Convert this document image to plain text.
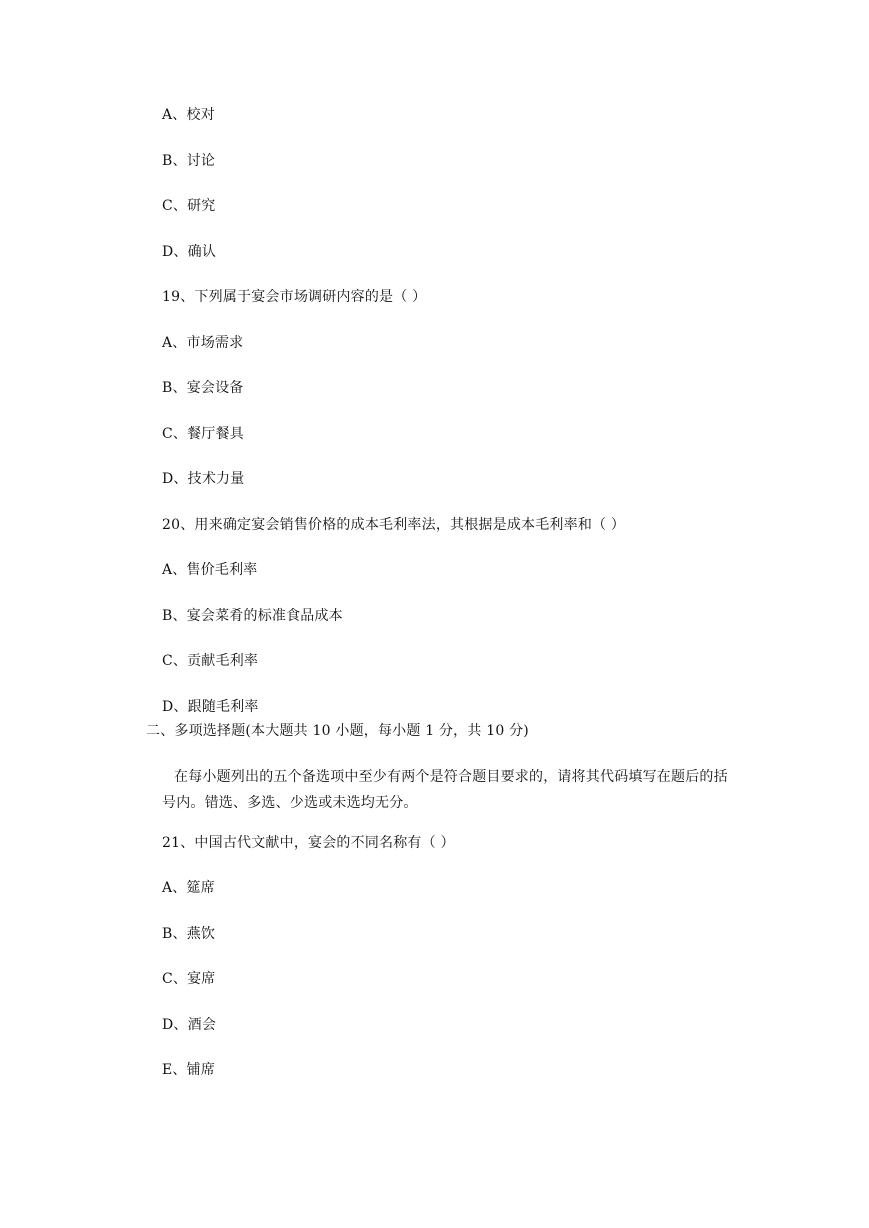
A、校对
B、讨论
C、研究
D、确认
19、下列属于宴会市场调研内容的是（ ）
A、市场需求
B、宴会设备
C、餐厅餐具
D、技术力量
20、用来确定宴会销售价格的成本毛利率法，其根据是成本毛利率和（ ）
A、售价毛利率
B、宴会菜肴的标准食品成本
C、贡献毛利率
D、跟随毛利率
二、多项选择题(本大题共 10 小题，每小题 1 分，共 10 分)
在每小题列出的五个备选项中至少有两个是符合题目要求的，请将其代码填写在题后的括号内。错选、多选、少选或未选均无分。
21、中国古代文献中，宴会的不同名称有（ ）
A、筵席
B、燕饮
C、宴席
D、酒会
E、铺席
